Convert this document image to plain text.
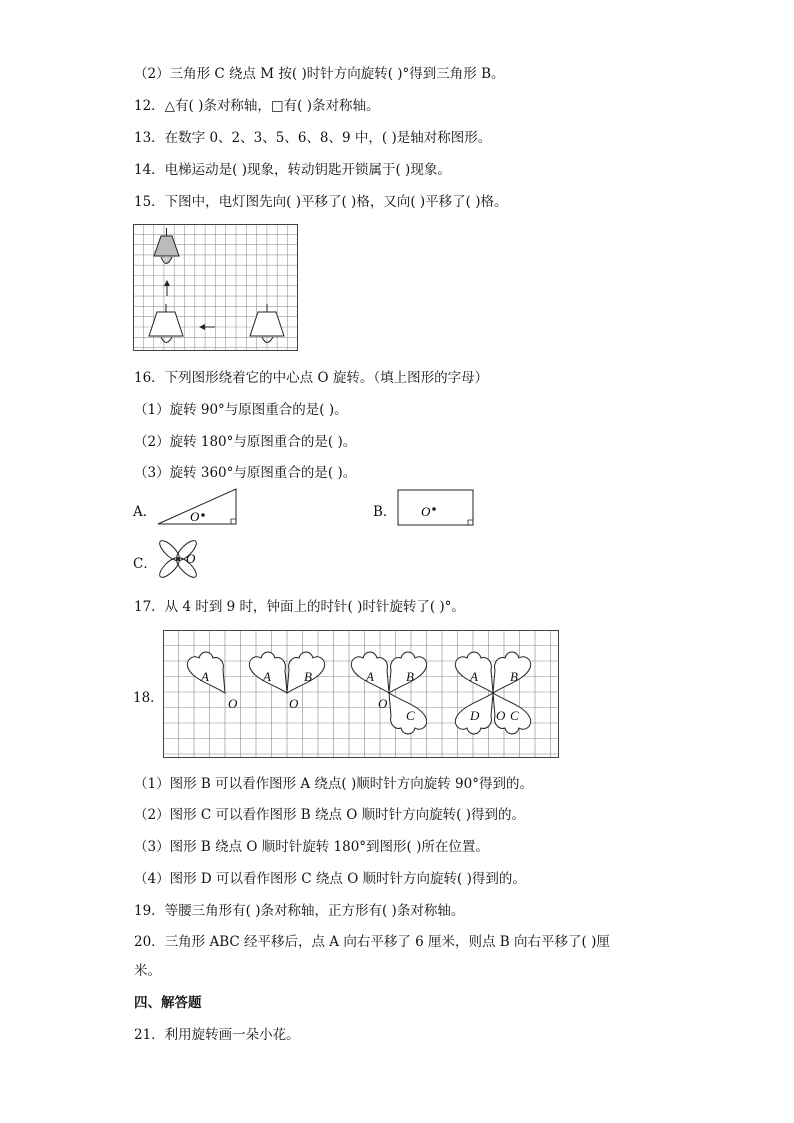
（2）三角形 C 绕点 M 按( )时针方向旋转( )°得到三角形 B。
12．△有( )条对称轴，□有( )条对称轴。
13．在数字 0、2、3、5、6、8、9 中，( )是轴对称图形。
14．电梯运动是( )现象，转动钥匙开锁属于( )现象。
15．下图中，电灯图先向( )平移了( )格，又向( )平移了( )格。
16．下列图形绕着它的中心点 O 旋转。（填上图形的字母）
（1）旋转 90°与原图重合的是( )。
（2）旋转 180°与原图重合的是( )。
（3）旋转 360°与原图重合的是( )。
A．	O	B． O
C． O
17．从 4 时到 9 时，钟面上的时针( )时针旋转了( )°。
18．
A
O
A	B
O
A B
O
C
A B
D O C
（1）图形 B 可以看作图形 A 绕点( )顺时针方向旋转 90°得到的。
（2）图形 C 可以看作图形 B 绕点 O 顺时针方向旋转( )得到的。
（3）图形 B 绕点 O 顺时针旋转 180°到图形( )所在位置。
（4）图形 D 可以看作图形 C 绕点 O 顺时针方向旋转( )得到的。
19．等腰三角形有( )条对称轴，正方形有( )条对称轴。
20．三角形 ABC 经平移后，点 A 向右平移了 6 厘米，则点 B 向右平移了( )厘
米。
四、解答题
21．利用旋转画一朵小花。
